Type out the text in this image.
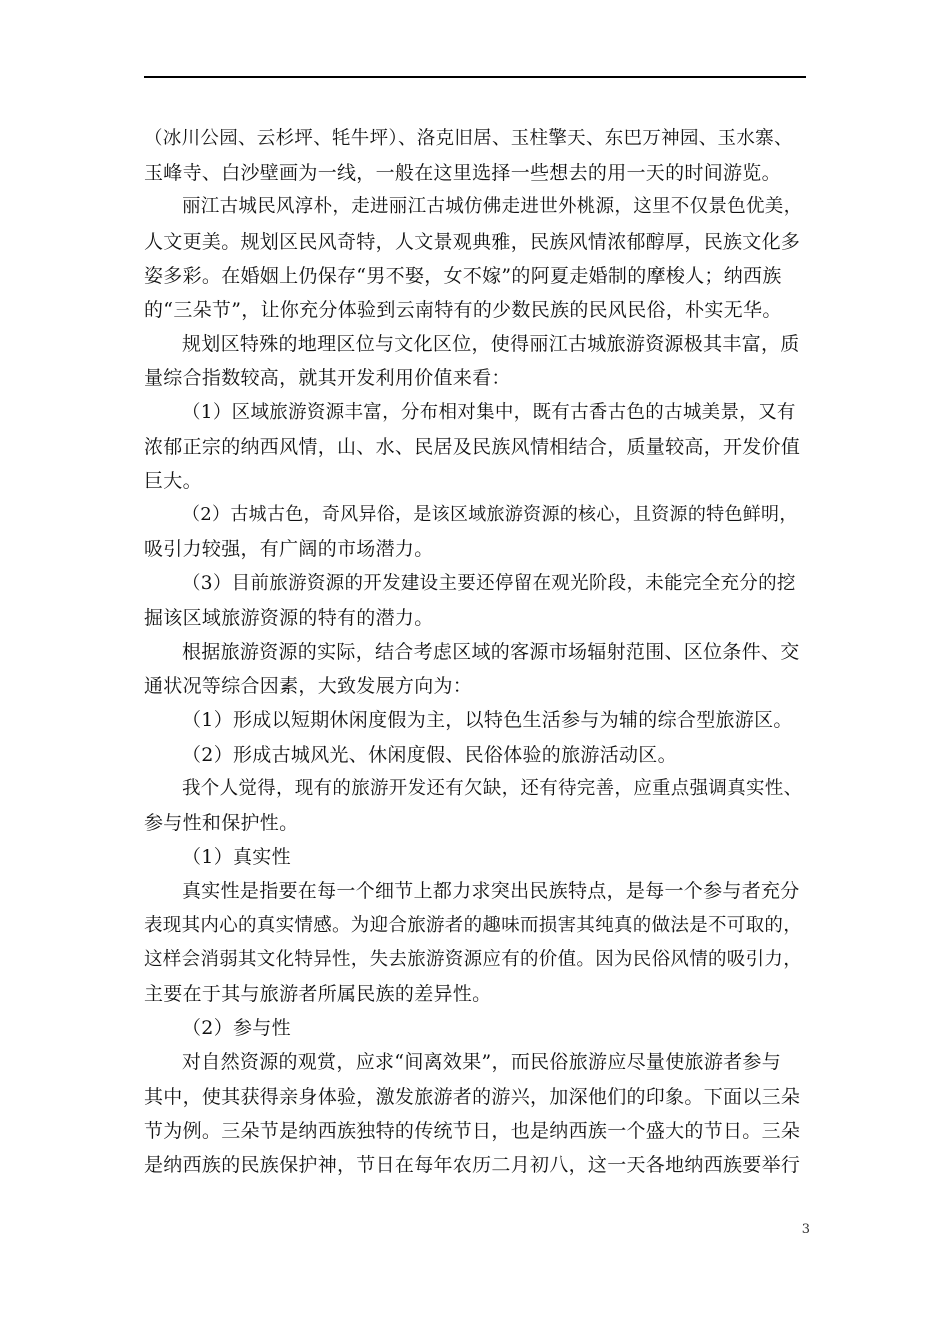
（冰川公园、云杉坪、牦牛坪）、洛克旧居、玉柱擎天、东巴万神园、玉水寨、

玉峰寺、白沙壁画为一线，一般在这里选择一些想去的用一天的时间游览。

丽江古城民风淳朴，走进丽江古城仿佛走进世外桃源，这里不仅景色优美，

人文更美。规划区民风奇特，人文景观典雅，民族风情浓郁醇厚，民族文化多

姿多彩。在婚姻上仍保存“男不娶，女不嫁”的阿夏走婚制的摩梭人；纳西族

的“三朵节”，让你充分体验到云南特有的少数民族的民风民俗，朴实无华。

规划区特殊的地理区位与文化区位，使得丽江古城旅游资源极其丰富，质

量综合指数较高，就其开发利用价值来看：

（1）区域旅游资源丰富，分布相对集中，既有古香古色的古城美景，又有

浓郁正宗的纳西风情，山、水、民居及民族风情相结合，质量较高，开发价值

巨大。

（2）古城古色，奇风异俗，是该区域旅游资源的核心，且资源的特色鲜明，

吸引力较强，有广阔的市场潜力。

（3）目前旅游资源的开发建设主要还停留在观光阶段，未能完全充分的挖

掘该区域旅游资源的特有的潜力。

根据旅游资源的实际，结合考虑区域的客源市场辐射范围、区位条件、交

通状况等综合因素，大致发展方向为：

（1）形成以短期休闲度假为主，以特色生活参与为辅的综合型旅游区。

（2）形成古城风光、休闲度假、民俗体验的旅游活动区。

我个人觉得，现有的旅游开发还有欠缺，还有待完善，应重点强调真实性、

参与性和保护性。

（1）真实性

真实性是指要在每一个细节上都力求突出民族特点，是每一个参与者充分

表现其内心的真实情感。为迎合旅游者的趣味而损害其纯真的做法是不可取的，

这样会消弱其文化特异性，失去旅游资源应有的价值。因为民俗风情的吸引力，

主要在于其与旅游者所属民族的差异性。

（2）参与性

对自然资源的观赏，应求“间离效果”，而民俗旅游应尽量使旅游者参与

其中，使其获得亲身体验，激发旅游者的游兴，加深他们的印象。下面以三朵

节为例。三朵节是纳西族独特的传统节日，也是纳西族一个盛大的节日。三朵

是纳西族的民族保护神，节日在每年农历二月初八，这一天各地纳西族要举行

3
